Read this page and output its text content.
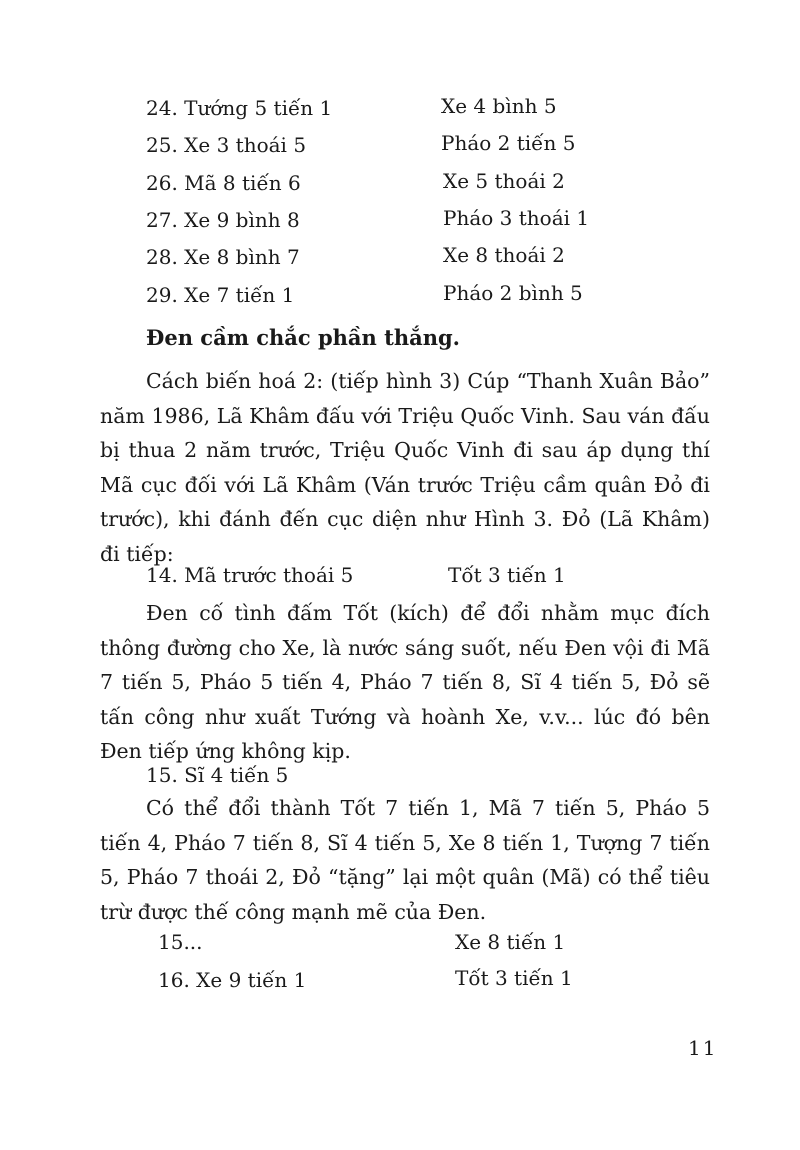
24. Tướng 5 tiến 1	Xe 4 bình 5
25. Xe 3 thoái 5	Pháo 2 tiến 5
26. Mã 8 tiến 6	Xe 5 thoái 2
27. Xe 9 bình 8	Pháo 3 thoái 1
28. Xe 8 bình 7	Xe 8 thoái 2
29. Xe 7 tiến 1	Pháo 2 bình 5
Đen cầm chắc phần thắng.
Cách biến hoá 2: (tiếp hình 3) Cúp “Thanh Xuân Bảo” năm 1986, Lã Khâm đấu với Triệu Quốc Vinh. Sau ván đấu bị thua 2 năm trước, Triệu Quốc Vinh đi sau áp dụng thí Mã cục đối với Lã Khâm (Ván trước Triệu cầm quân Đỏ đi trước), khi đánh đến cục diện như Hình 3. Đỏ (Lã Khâm) đi tiếp:
14. Mã trước thoái 5	Tốt 3 tiến 1
Đen cố tình đấm Tốt (kích) để đổi nhằm mục đích thông đường cho Xe, là nước sáng suốt, nếu Đen vội đi Mã 7 tiến 5, Pháo 5 tiến 4, Pháo 7 tiến 8, Sĩ 4 tiến 5, Đỏ sẽ tấn công như xuất Tướng và hoành Xe, v.v... lúc đó bên Đen tiếp ứng không kịp.
15. Sĩ 4 tiến 5
Có thể đổi thành Tốt 7 tiến 1, Mã 7 tiến 5, Pháo 5 tiến 4, Pháo 7 tiến 8, Sĩ 4 tiến 5, Xe 8 tiến 1, Tượng 7 tiến 5, Pháo 7 thoái 2, Đỏ “tặng” lại một quân (Mã) có thể tiêu trừ được thế công mạnh mẽ của Đen.
15...	Xe 8 tiến 1
16. Xe 9 tiến 1	Tốt 3 tiến 1
11
